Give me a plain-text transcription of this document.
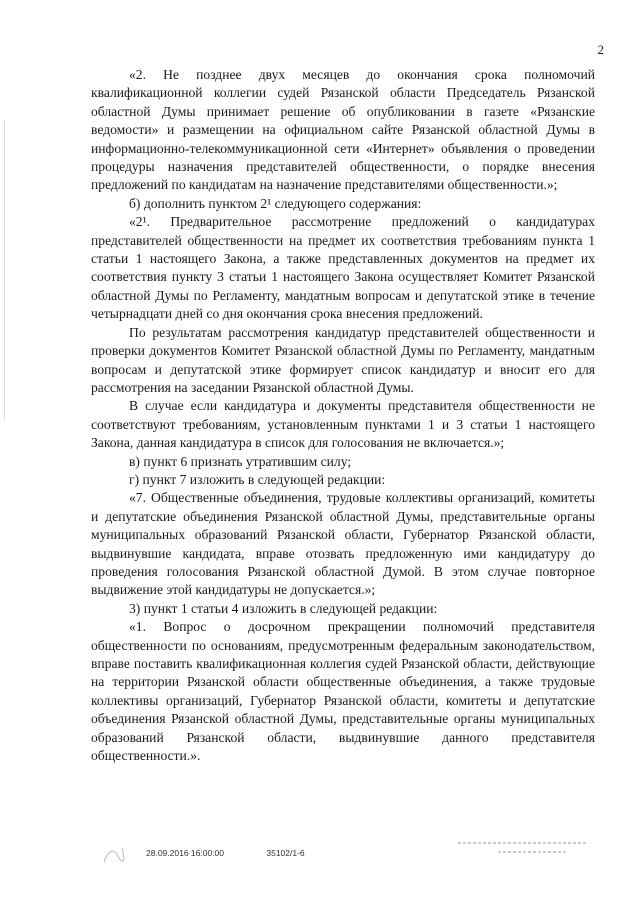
2

«2. Не позднее двух месяцев до окончания срока полномочий квалификационной коллегии судей Рязанской области Председатель Рязанской областной Думы принимает решение об опубликовании в газете «Рязанские ведомости» и размещении на официальном сайте Рязанской областной Думы в информационно-телекоммуникационной сети «Интернет» объявления о проведении процедуры назначения представителей общественности, о порядке внесения предложений по кандидатам на назначение представителями общественности.»;

б) дополнить пунктом 2¹ следующего содержания:

«2¹. Предварительное рассмотрение предложений о кандидатурах представителей общественности на предмет их соответствия требованиям пункта 1 статьи 1 настоящего Закона, а также представленных документов на предмет их соответствия пункту 3 статьи 1 настоящего Закона осуществляет Комитет Рязанской областной Думы по Регламенту, мандатным вопросам и депутатской этике в течение четырнадцати дней со дня окончания срока внесения предложений.

По результатам рассмотрения кандидатур представителей общественности и проверки документов Комитет Рязанской областной Думы по Регламенту, мандатным вопросам и депутатской этике формирует список кандидатур и вносит его для рассмотрения на заседании Рязанской областной Думы.

В случае если кандидатура и документы представителя общественности не соответствуют требованиям, установленным пунктами 1 и 3 статьи 1 настоящего Закона, данная кандидатура в список для голосования не включается.»;

в) пункт 6 признать утратившим силу;

г) пункт 7 изложить в следующей редакции:

«7. Общественные объединения, трудовые коллективы организаций, комитеты и депутатские объединения Рязанской областной Думы, представительные органы муниципальных образований Рязанской области, Губернатор Рязанской области, выдвинувшие кандидата, вправе отозвать предложенную ими кандидатуру до проведения голосования Рязанской областной Думой. В этом случае повторное выдвижение этой кандидатуры не допускается.»;

3) пункт 1 статьи 4 изложить в следующей редакции:

«1. Вопрос о досрочном прекращении полномочий представителя общественности по основаниям, предусмотренным федеральным законодательством, вправе поставить квалификационная коллегия судей Рязанской области, действующие на территории Рязанской области общественные объединения, а также трудовые коллективы организаций, Губернатор Рязанской области, комитеты и депутатские объединения Рязанской областной Думы, представительные органы муниципальных образований Рязанской области, выдвинувшие данного представителя общественности.».

28.09.2016 16:00:00	35102/1-6
